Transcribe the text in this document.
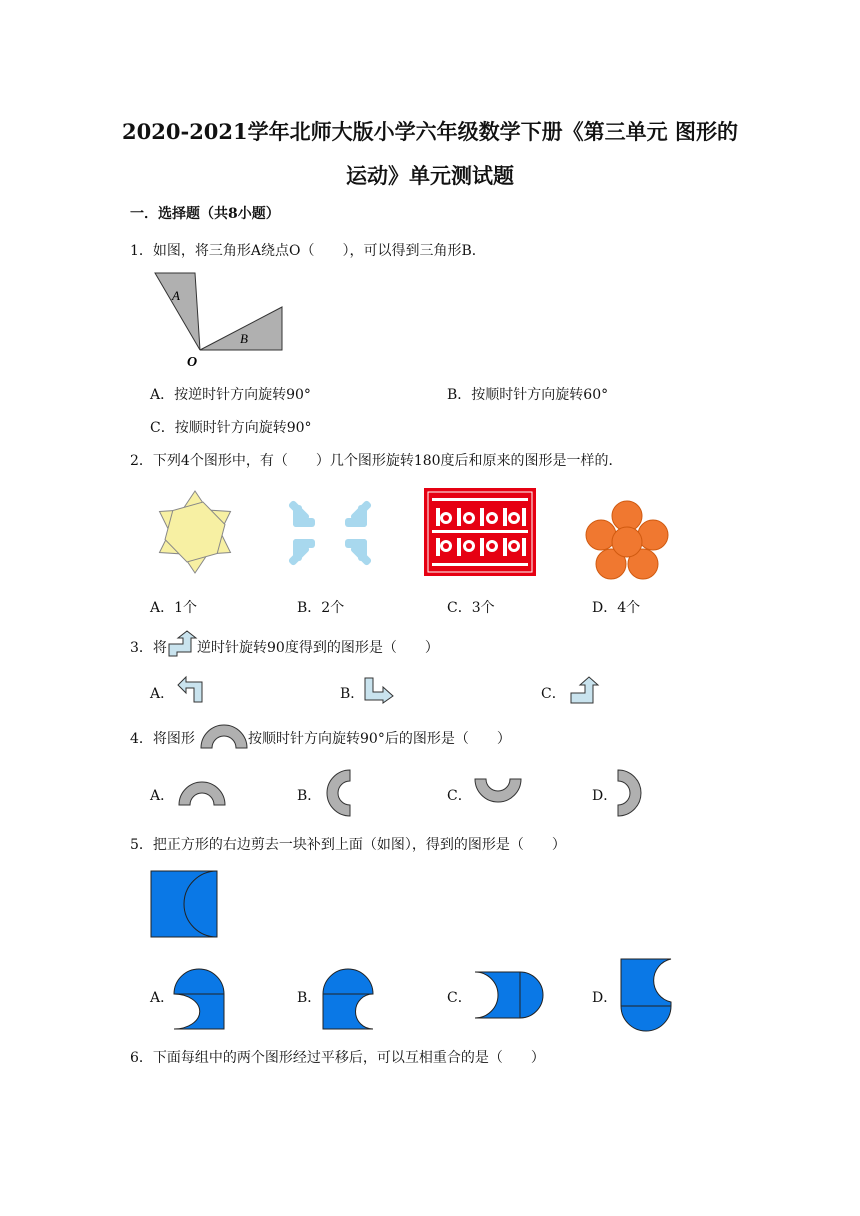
2020-2021学年北师大版小学六年级数学下册《第三单元 图形的
运动》单元测试题
一．选择题（共8小题）
1．如图，将三角形A绕点O（　　），可以得到三角形B．
A
B
O
A．按逆时针方向旋转90°	B．按顺时针方向旋转60°
C．按顺时针方向旋转90°
2．下列4个图形中，有（　　）几个图形旋转180度后和原来的图形是一样的．
A．1个	B．2个	C．3个	D．4个
3．将 逆时针旋转90度得到的图形是（　　）
A．	B．	C．
4．将图形	按顺时针方向旋转90°后的图形是（　　）
A．	B．	C．	D．
5．把正方形的右边剪去一块补到上面（如图），得到的图形是（　　）
A．	B．	C．	D．
6．下面每组中的两个图形经过平移后，可以互相重合的是（　　）
